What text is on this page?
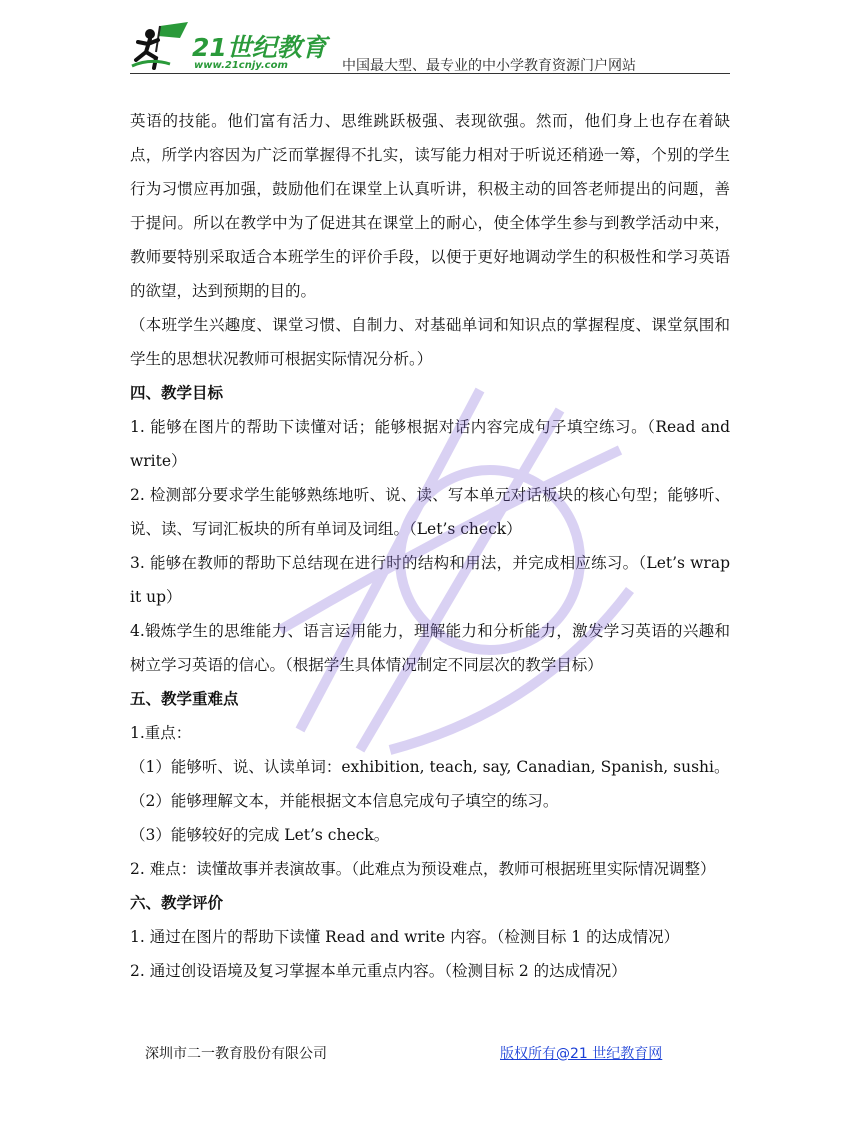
21世纪教育
www.21cnjy.com	中国最大型、最专业的中小学教育资源门户网站

英语的技能。他们富有活力、思维跳跃极强、表现欲强。然而，他们身上也存在着缺点，所学内容因为广泛而掌握得不扎实，读写能力相对于听说还稍逊一筹，个别的学生行为习惯应再加强，鼓励他们在课堂上认真听讲，积极主动的回答老师提出的问题，善于提问。所以在教学中为了促进其在课堂上的耐心，使全体学生参与到教学活动中来，教师要特别采取适合本班学生的评价手段，以便于更好地调动学生的积极性和学习英语的欲望，达到预期的目的。

（本班学生兴趣度、课堂习惯、自制力、对基础单词和知识点的掌握程度、课堂氛围和学生的思想状况教师可根据实际情况分析。）

四、教学目标

1. 能够在图片的帮助下读懂对话；能够根据对话内容完成句子填空练习。（Read and write）

2. 检测部分要求学生能够熟练地听、说、读、写本单元对话板块的核心句型；能够听、说、读、写词汇板块的所有单词及词组。（Let’s check）

3. 能够在教师的帮助下总结现在进行时的结构和用法，并完成相应练习。（Let’s wrap it up）

4.锻炼学生的思维能力、语言运用能力，理解能力和分析能力，激发学习英语的兴趣和树立学习英语的信心。（根据学生具体情况制定不同层次的教学目标）

五、教学重难点

1.重点：

（1）能够听、说、认读单词：exhibition, teach, say, Canadian, Spanish, sushi。

（2）能够理解文本，并能根据文本信息完成句子填空的练习。

（3）能够较好的完成 Let’s check。

2. 难点：读懂故事并表演故事。（此难点为预设难点，教师可根据班里实际情况调整）

六、教学评价

1. 通过在图片的帮助下读懂 Read and write 内容。（检测目标 1 的达成情况）

2. 通过创设语境及复习掌握本单元重点内容。（检测目标 2 的达成情况）

深圳市二一教育股份有限公司	版权所有@21 世纪教育网
